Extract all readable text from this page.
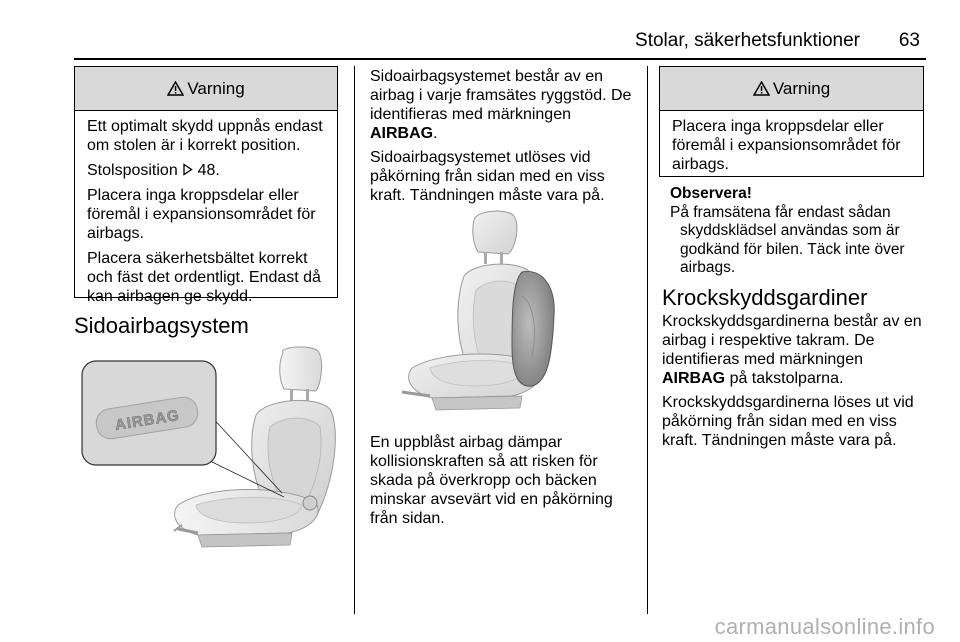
Stolar, säkerhetsfunktioner	63
Varning

Ett optimalt skydd uppnås endast om stolen är i korrekt position.

Stolsposition 48.

Placera inga kroppsdelar eller föremål i expansionsområdet för airbags.

Placera säkerhetsbältet korrekt och fäst det ordentligt. Endast då kan airbagen ge skydd.

Sidoairbagsystem
AIRBAG

Sidoairbagsystemet består av en airbag i varje framsätes ryggstöd. De identifieras med märkningen AIRBAG.

Sidoairbagsystemet utlöses vid påkörning från sidan med en viss kraft. Tändningen måste vara på.

En uppblåst airbag dämpar kollisionskraften så att risken för skada på överkropp och bäcken minskar avsevärt vid en påkörning från sidan.

Varning

Placera inga kroppsdelar eller föremål i expansionsområdet för airbags.

Observera!
På framsätena får endast sådan skyddsklädsel användas som är godkänd för bilen. Täck inte över airbags.
Krockskyddsgardiner

Krockskyddsgardinerna består av en airbag i respektive takram. De identifieras med märkningen AIRBAG på takstolparna.

Krockskyddsgardinerna löses ut vid påkörning från sidan med en viss kraft. Tändningen måste vara på.

carmanualsonline.info
